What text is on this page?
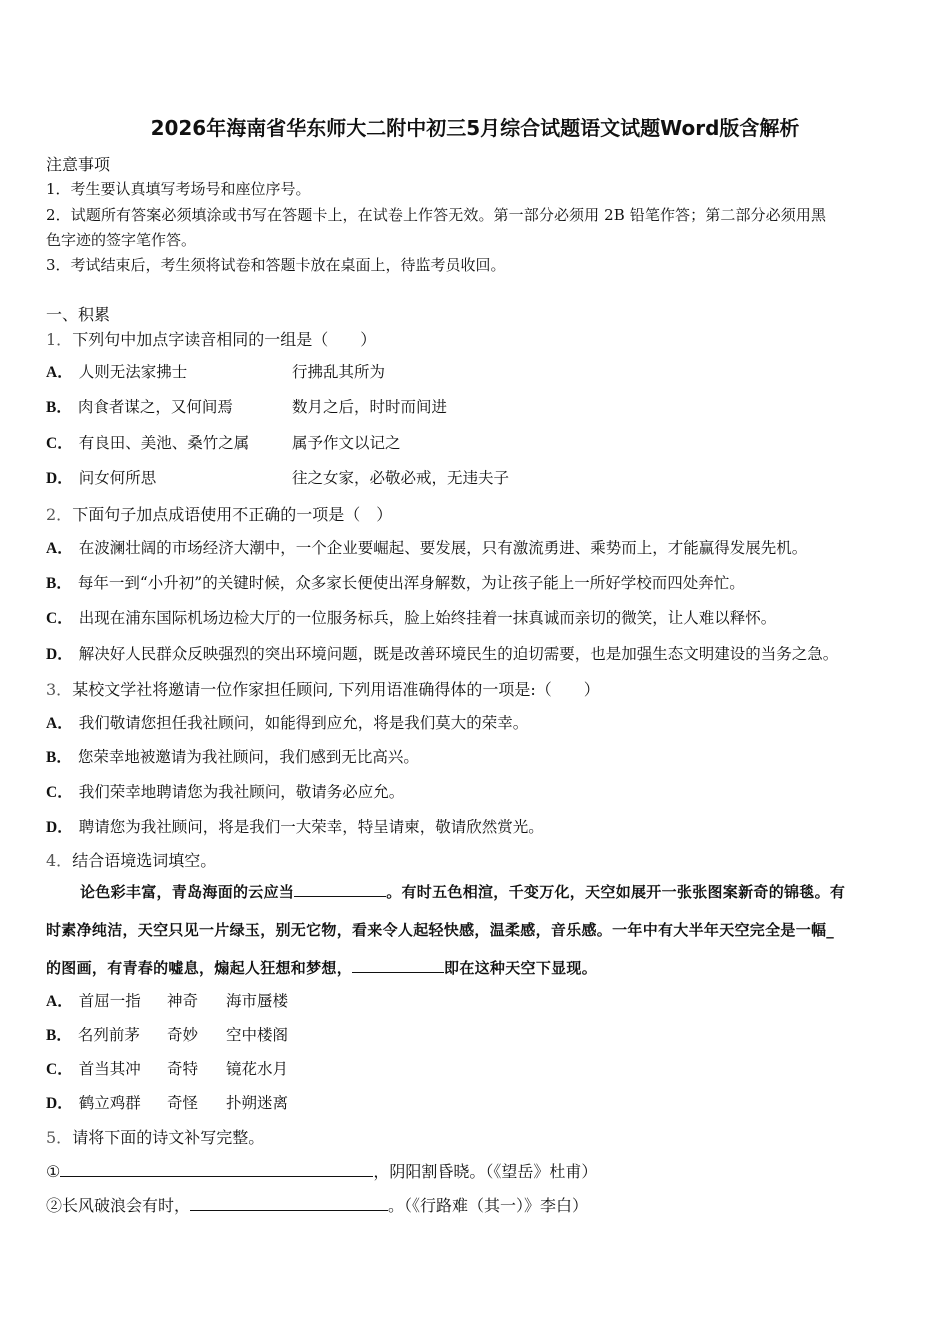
2026年海南省华东师大二附中初三5月综合试题语文试题Word版含解析
注意事项
1．考生要认真填写考场号和座位序号。
2．试题所有答案必须填涂或书写在答题卡上，在试卷上作答无效。第一部分必须用 2B 铅笔作答；第二部分必须用黑
色字迹的签字笔作答。
3．考试结束后，考生须将试卷和答题卡放在桌面上，待监考员收回。
一、积累
1．下列句中加点字读音相同的一组是（　　）
A． 人则无法家拂士	行拂乱其所为
B． 肉食者谋之，又何间焉	数月之后，时时而间进
C． 有良田、美池、桑竹之属	属予作文以记之
D． 问女何所思	往之女家，必敬必戒，无违夫子
2．下面句子加点成语使用不正确的一项是（　）
A． 在波澜壮阔的市场经济大潮中，一个企业要崛起、要发展，只有激流勇进、乘势而上，才能赢得发展先机。
B． 每年一到“小升初”的关键时候，众多家长便使出浑身解数，为让孩子能上一所好学校而四处奔忙。
C． 出现在浦东国际机场边检大厅的一位服务标兵，脸上始终挂着一抹真诚而亲切的微笑，让人难以释怀。
D． 解决好人民群众反映强烈的突出环境问题，既是改善环境民生的迫切需要，也是加强生态文明建设的当务之急。
3．某校文学社将邀请一位作家担任顾问, 下列用语准确得体的一项是:（　　）
A． 我们敬请您担任我社顾问，如能得到应允，将是我们莫大的荣幸。
B． 您荣幸地被邀请为我社顾问，我们感到无比高兴。
C． 我们荣幸地聘请您为我社顾问，敬请务必应允。
D． 聘请您为我社顾问，将是我们一大荣幸，特呈请柬，敬请欣然赏光。
4．结合语境选词填空。
论色彩丰富，青岛海面的云应当	。有时五色相渲，千变万化，天空如展开一张张图案新奇的锦毯。有
时素净纯洁，天空只见一片绿玉，别无它物，看来令人起轻快感，温柔感，音乐感。一年中有大半年天空完全是一幅_
的图画，有青春的嘘息，煽起人狂想和梦想，	即在这种天空下显现。
A． 首屈一指 神奇 海市蜃楼
B． 名列前茅 奇妙 空中楼阁
C． 首当其冲 奇特 镜花水月
D． 鹤立鸡群 奇怪 扑朔迷离
5．请将下面的诗文补写完整。
①	，阴阳割昏晓。（《望岳》杜甫）
②长风破浪会有时，	。（《行路难（其一）》李白）
